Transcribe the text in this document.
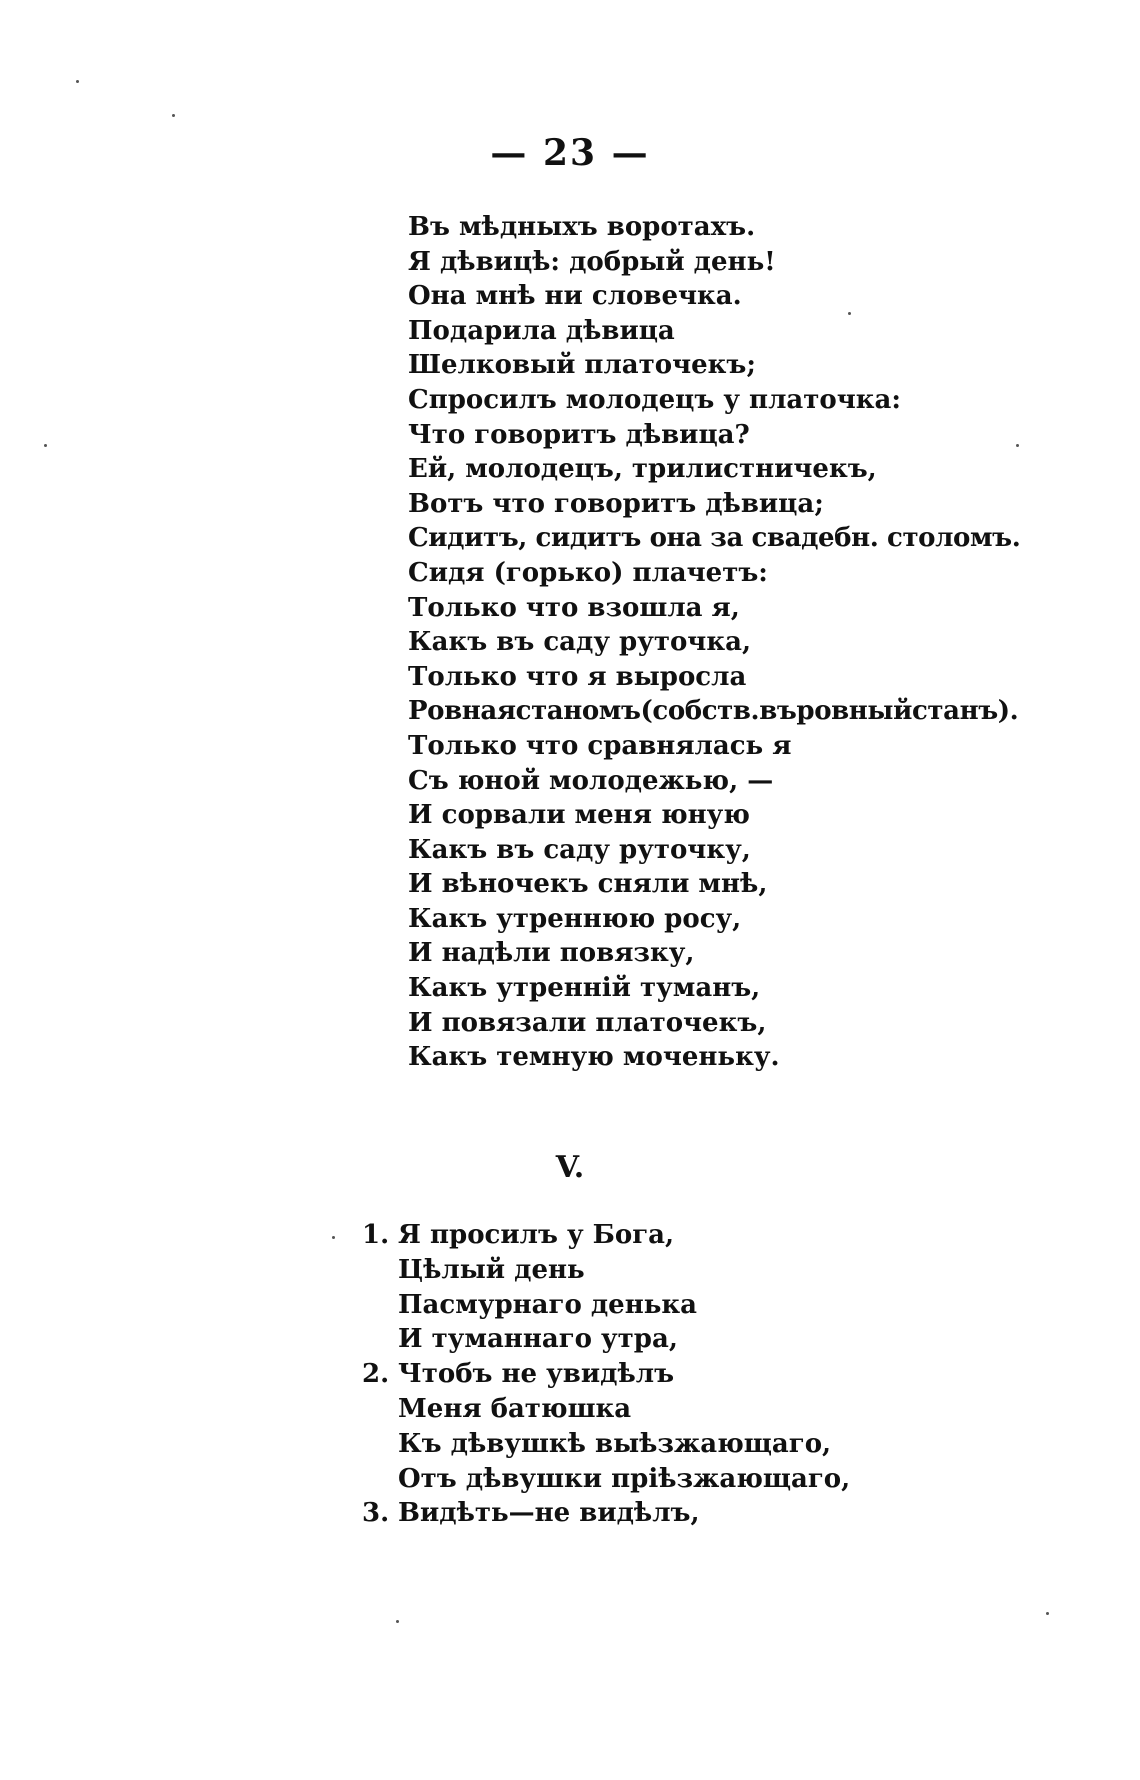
— 23 —
Въ мѣдныхъ воротахъ.
Я дѣвицѣ: добрый день!
Она мнѣ ни словечка.
Подарила дѣвица
Шелковый платочекъ;
Спросилъ молодецъ у платочка:
Что говоритъ дѣвица?
Ей, молодецъ, трилистничекъ,
Вотъ что говоритъ дѣвица;
Сидитъ, сидитъ она за свадебн. столомъ.
Сидя (горько) плачетъ:
Только что взошла я,
Какъ въ саду руточка,
Только что я выросла
Ровнаястаномъ(собств.въровныйстанъ).
Только что сравнялась я
Съ юной молодежью, —
И сорвали меня юную
Какъ въ саду руточку,
И вѣночекъ сняли мнѣ,
Какъ утреннюю росу,
И надѣли повязку,
Какъ утренній туманъ,
И повязали платочекъ,
Какъ темную моченьку.
V.
1. Я просилъ у Бога,
Цѣлый день
Пасмурнаго денька
И туманнаго утра,
2. Чтобъ не увидѣлъ
Меня батюшка
Къ дѣвушкѣ выѣзжающаго,
Отъ дѣвушки пріѣзжающаго,
3. Видѣть—не видѣлъ,
